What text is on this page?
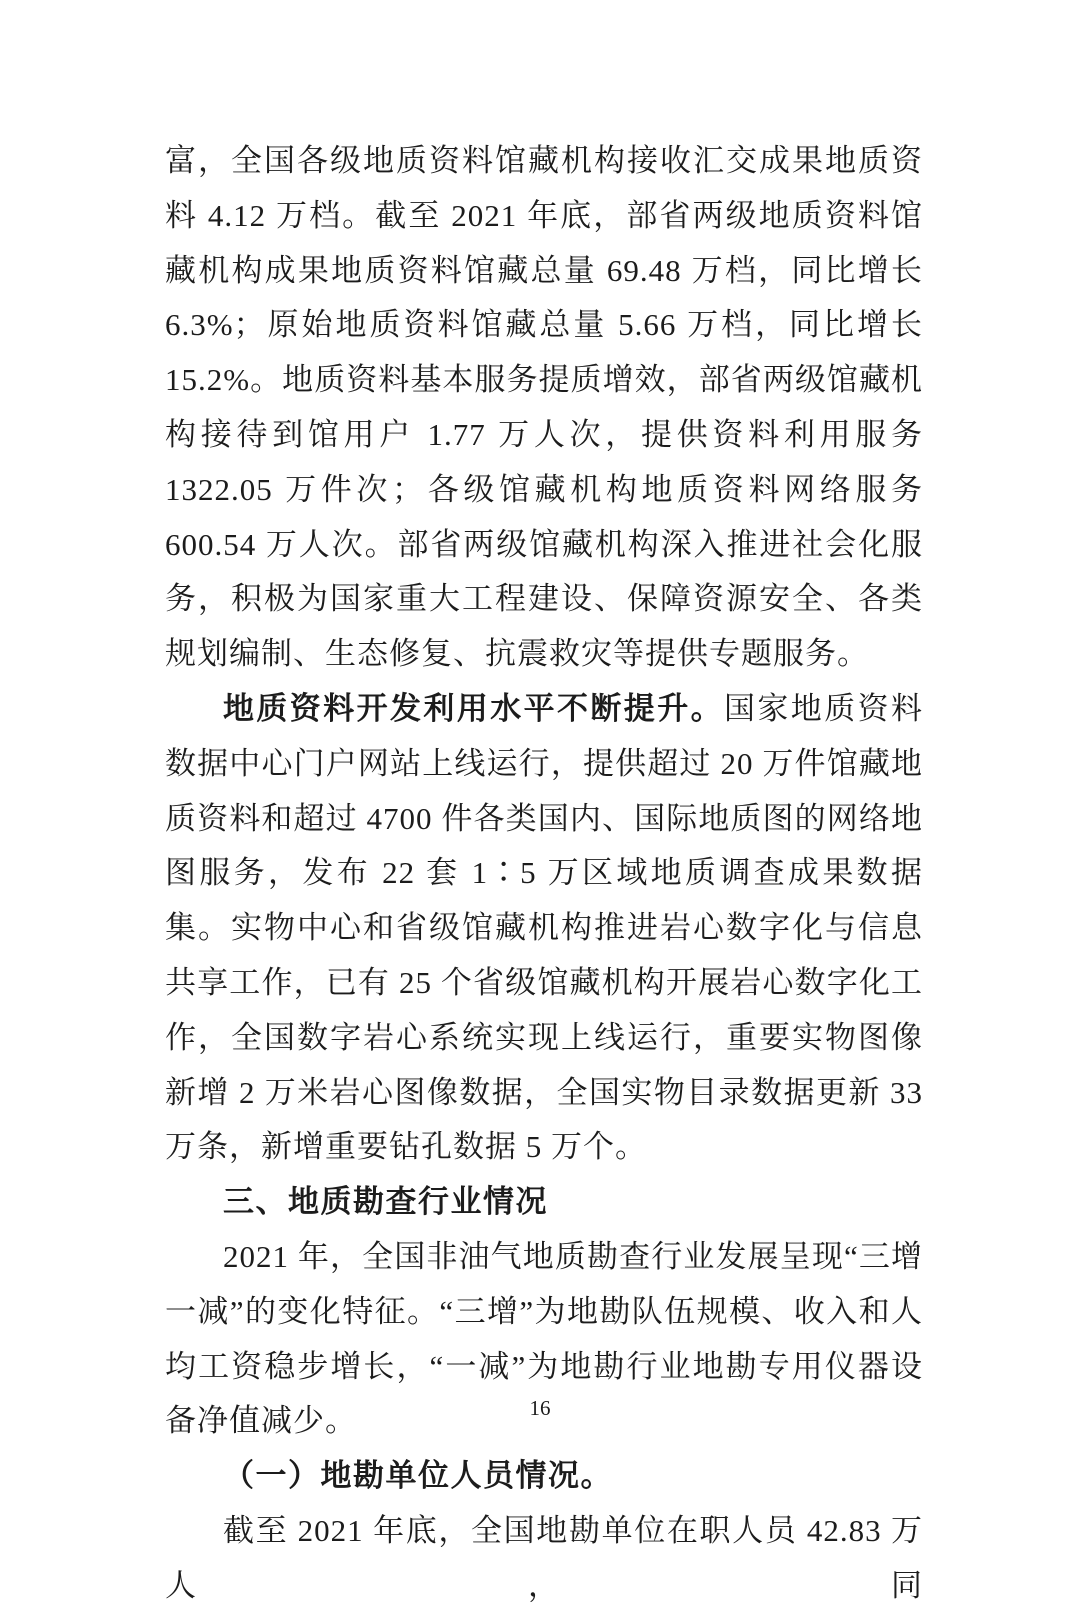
富，全国各级地质资料馆藏机构接收汇交成果地质资料 4.12 万档。截至 2021 年底，部省两级地质资料馆藏机构成果地质资料馆藏总量 69.48 万档，同比增长 6.3%；原始地质资料馆藏总量 5.66 万档，同比增长 15.2%。地质资料基本服务提质增效，部省两级馆藏机构接待到馆用户 1.77 万人次，提供资料利用服务 1322.05 万件次；各级馆藏机构地质资料网络服务 600.54 万人次。部省两级馆藏机构深入推进社会化服务，积极为国家重大工程建设、保障资源安全、各类规划编制、生态修复、抗震救灾等提供专题服务。

地质资料开发利用水平不断提升。国家地质资料数据中心门户网站上线运行，提供超过 20 万件馆藏地质资料和超过 4700 件各类国内、国际地质图的网络地图服务，发布 22 套 1∶5 万区域地质调查成果数据集。实物中心和省级馆藏机构推进岩心数字化与信息共享工作，已有 25 个省级馆藏机构开展岩心数字化工作，全国数字岩心系统实现上线运行，重要实物图像新增 2 万米岩心图像数据，全国实物目录数据更新 33 万条，新增重要钻孔数据 5 万个。

三、地质勘查行业情况

2021 年，全国非油气地质勘查行业发展呈现“三增一减”的变化特征。“三增”为地勘队伍规模、收入和人均工资稳步增长，“一减”为地勘行业地勘专用仪器设备净值减少。

（一）地勘单位人员情况。

截至 2021 年底，全国地勘单位在职人员 42.83 万人，同

16
